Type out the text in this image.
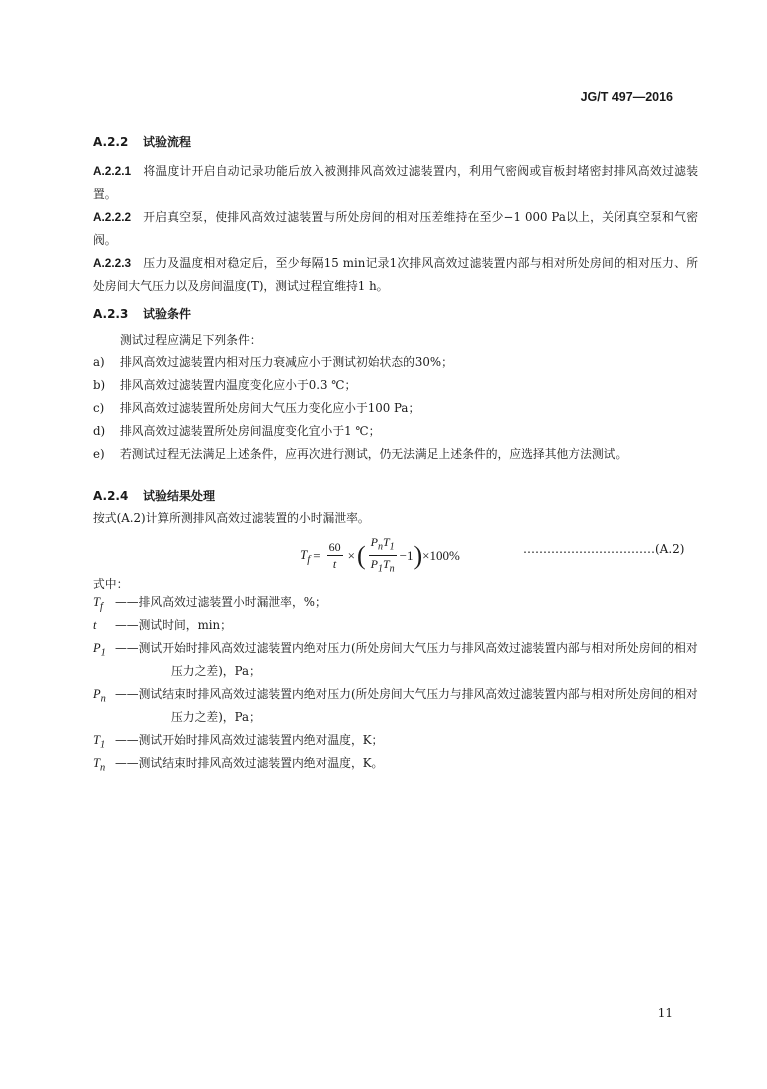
JG/T 497—2016
A.2.2 试验流程
A.2.2.1 将温度计开启自动记录功能后放入被测排风高效过滤装置内，利用气密阀或盲板封堵密封排风高效过滤装置。
A.2.2.2 开启真空泵，使排风高效过滤装置与所处房间的相对压差维持在至少−1 000 Pa以上，关闭真空泵和气密阀。
A.2.2.3 压力及温度相对稳定后，至少每隔15 min记录1次排风高效过滤装置内部与相对所处房间的相对压力、所处房间大气压力以及房间温度(T)，测试过程宜维持1 h。
A.2.3 试验条件
测试过程应满足下列条件：
a)	排风高效过滤装置内相对压力衰减应小于测试初始状态的30%；
b)	排风高效过滤装置内温度变化应小于0.3 ℃；
c)	排风高效过滤装置所处房间大气压力变化应小于100 Pa；
d)	排风高效过滤装置所处房间温度变化宜小于1 ℃；
e)	若测试过程无法满足上述条件，应再次进行测试，仍无法满足上述条件的，应选择其他方法测试。
A.2.4 试验结果处理
按式(A.2)计算所测排风高效过滤装置的小时漏泄率。
$T_f = \frac{60}{t}$ × ( $\frac{P_nT_1}{P_1T_n} -1$ ) ×100%	……………………………(A.2)
式中：
$T_f$ ——排风高效过滤装置小时漏泄率，%；
t ——测试时间，min；
$P_1$ ——测试开始时排风高效过滤装置内绝对压力(所处房间大气压力与排风高效过滤装置内部与相对所处房间的相对压力之差)，Pa；
$P_n$ ——测试结束时排风高效过滤装置内绝对压力(所处房间大气压力与排风高效过滤装置内部与相对所处房间的相对压力之差)，Pa；
$T_1$ ——测试开始时排风高效过滤装置内绝对温度，K；
$T_n$ ——测试结束时排风高效过滤装置内绝对温度，K。
11
